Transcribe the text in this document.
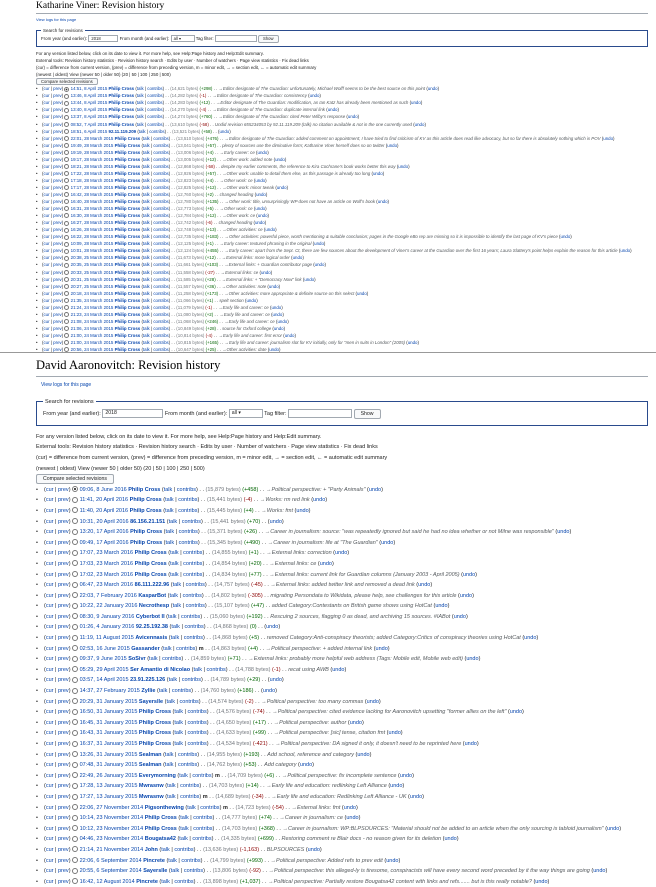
Katharine Viner: Revision history
View logs for this page
Search for revisions
From year (and earlier): 2018	From month (and earlier): all ▾	Tag filter:	Show
For any version listed below, click on its date to view it. For more help, see Help:Page history and Help:Edit summary.
External tools: Revision history statistics · Revision history search · Edits by user · Number of watchers · Page view statistics · Fix dead links
(cur) = difference from current version, (prev) = difference from preceding version, m = minor edit, → = section edit, ← = automatic edit summary
(newest | oldest) View (newer 50 | older 50) (20 | 50 | 100 | 250 | 500)
Compare selected revisions
• (cur | prev)  14:51, 8 April 2015 Philip Cross (talk | contribs) . . (14,621 bytes) (+298) . . →Editor designate of The Guardian: unfortunately, Michael Wolff seems to be the best source on this point (undo)
• (cur | prev)  13:46, 8 April 2015 Philip Cross (talk | contribs) . . (14,282 bytes) (-1) . . →Editor designate of The Guardian: consistency (undo)
• (cur | prev)  13:44, 8 April 2015 Philip Cross (talk | contribs) . . (14,283 bytes) (+12) . . →Editor designate of The Guardian: modification, as Ian Katz has already been mentioned as such (undo)
• (cur | prev)  13:40, 8 April 2015 Philip Cross (talk | contribs) . . (14,270 bytes) (-4) . . →Editor designate of The Guardian: duplicate internal link (undo)
• (cur | prev)  13:37, 8 April 2015 Philip Cross (talk | contribs) . . (14,274 bytes) (+760) . . →Editor designate of The Guardian: cited Peter Wilby's response (undo)
• (cur | prev)  08:52, 7 April 2015 Philip Cross (talk | contribs) . . (13,610 bytes) (-58) . . Undid revision 655234053 by 92.11.119.209 (talk) no citation available & not in the one currently used (undo)
• (cur | prev)  18:51, 6 April 2015 92.11.119.209 (talk | contribs) . . (13,521 bytes) (+58) . . (undo)
• (cur | prev)  22:01, 28 March 2015 Philip Cross (talk | contribs) . . (13,510 bytes) (+476) . . →Editor designate of The Guardian: added comment on appointment; I have tried to find criticism of KV as this article does read like advocacy, but so far there is absolutely nothing which is POV (undo)
• (cur | prev)  19:49, 28 March 2015 Philip Cross (talk | contribs) . . (13,041 bytes) (+57) . . plenty of sources use the diminutive form; Katharine Viner herself does so on twitter (undo)
• (cur | prev)  19:19, 28 March 2015 Philip Cross (talk | contribs) . . (13,006 bytes) (+4) . . →Early career: ce (undo)
• (cur | prev)  19:17, 28 March 2015 Philip Cross (talk | contribs) . . (13,005 bytes) (+12) . . →Other work: added note (undo)
• (cur | prev)  18:21, 28 March 2015 Philip Cross (talk | contribs) . . (12,868 bytes) (-58) . . despite my earlier comments, the reference to Kira Cochrane's book works better this way (undo)
• (cur | prev)  17:22, 28 March 2015 Philip Cross (talk | contribs) . . (12,926 bytes) (+57) . . →Other work: unable to detail them else, as this passage is already too long (undo)
• (cur | prev)  17:18, 28 March 2015 Philip Cross (talk | contribs) . . (12,823 bytes) (+4) . . →Other work: ce (undo)
• (cur | prev)  17:17, 28 March 2015 Philip Cross (talk | contribs) . . (12,825 bytes) (+12) . . →Other work: minor tweak (undo)
• (cur | prev)  16:42, 28 March 2015 Philip Cross (talk | contribs) . . (12,760 bytes) (+2) . . changed heading (undo)
• (cur | prev)  16:40, 28 March 2015 Philip Cross (talk | contribs) . . (12,780 bytes) (+135) . . →Other work: title, unsurprisingly WP does not have an article on Wolf's book (undo)
• (cur | prev)  16:31, 28 March 2015 Philip Cross (talk | contribs) . . (12,773 bytes) (+5) . . →Other work: ce (undo)
• (cur | prev)  16:30, 28 March 2015 Philip Cross (talk | contribs) . . (12,784 bytes) (+12) . . →Other work: ce (undo)
• (cur | prev)  16:27, 28 March 2015 Philip Cross (talk | contribs) . . (12,742 bytes) (-6) . . changed heading (undo)
• (cur | prev)  16:26, 28 March 2015 Philip Cross (talk | contribs) . . (12,748 bytes) (+13) . . →Other activities: ce (undo)
• (cur | prev)  16:22, 28 March 2015 Philip Cross (talk | contribs) . . (12,735 bytes) (+183) . . →Other activities: powerful piece, worth mentioning & suitable conclusion; pages in the Google eBo rep are missing so it is impossible to identify the last page of KV's piece (undo)
• (cur | prev)  10:09, 28 March 2015 Philip Cross (talk | contribs) . . (12,125 bytes) (+1) . . →Early career: textured phrasing in the original (undo)
• (cur | prev)  10:01, 28 March 2015 Philip Cross (talk | contribs) . . (12,124 bytes) (+455) . . →Early career: apart from the Sept. Ct, there are few sources about the development of Viner's career at the Guardian over the first 16 years; Laura Slattery's point helps explain the reason for this article (undo)
• (cur | prev)  20:38, 25 March 2015 Philip Cross (talk | contribs) . . (11,673 bytes) (+12) . . →External links: more logical order (undo)
• (cur | prev)  20:35, 25 March 2015 Philip Cross (talk | contribs) . . (11,661 bytes) (+103) . . →External links: + Guardian contributor page (undo)
• (cur | prev)  20:33, 25 March 2015 Philip Cross (talk | contribs) . . (11,558 bytes) (-27) . . →External links: ce (undo)
• (cur | prev)  20:31, 25 March 2015 Philip Cross (talk | contribs) . . (11,585 bytes) (+28) . . →External links: + "Democracy Now" link (undo)
• (cur | prev)  20:27, 25 March 2015 Philip Cross (talk | contribs) . . (11,557 bytes) (+36) . . →Other activities: note (undo)
• (cur | prev)  20:18, 24 March 2015 Philip Cross (talk | contribs) . . (11,258 bytes) (+173) . . →Other activities: more appropriate & definite source on this select (undo)
• (cur | prev)  21:35, 24 March 2015 Philip Cross (talk | contribs) . . (11,066 bytes) (+1) . . spelt section (undo)
• (cur | prev)  21:24, 24 March 2015 Philip Cross (talk | contribs) . . (11,079 bytes) (-1) . . →Early life and career: ce (undo)
• (cur | prev)  21:23, 24 March 2015 Philip Cross (talk | contribs) . . (11,080 bytes) (+2) . . →Early life and career: ce (undo)
• (cur | prev)  21:08, 24 March 2015 Philip Cross (talk | contribs) . . (11,068 bytes) (+246) . . →Early life and career: ce (undo)
• (cur | prev)  21:06, 24 March 2015 Philip Cross (talk | contribs) . . (10,849 bytes) (+28) . . source for Oxford college (undo)
• (cur | prev)  21:00, 24 March 2015 Philip Cross (talk | contribs) . . (10,814 bytes) (-4) . . →Early life and career: first error (undo)
• (cur | prev)  21:00, 24 March 2015 Philip Cross (talk | contribs) . . (10,815 bytes) (+165) . . →Early life and career: journalism slot for KV initially, only for "men in suits in London" (2005) (undo)
• (cur | prev)  20:56, 24 March 2015 Philip Cross (talk | contribs) . . (10,647 bytes) (+25) . . →Other activities: date (undo)
•
David Aaronovitch: Revision history
View logs for this page
Search for revisions
From year (and earlier): 2018	From month (and earlier): all ▾	Tag filter:	Show
For any version listed below, click on its date to view it. For more help, see Help:Page history and Help:Edit summary.
External tools: Revision history statistics · Revision history search · Edits by user · Number of watchers · Page view statistics · Fix dead links
(cur) = difference from current version, (prev) = difference from preceding version, m = minor edit, → = section edit, ← = automatic edit summary
(newest | oldest) View (newer 50 | older 50) (20 | 50 | 100 | 250 | 500)
Compare selected revisions
• (cur | prev)  09:06, 8 June 2016 Philip Cross (talk | contribs) . . (15,879 bytes) (+458) . . →Political perspective: + "Party Animals" (undo)
• (cur | prev)  11:41, 20 April 2016 Philip Cross (talk | contribs) . . (15,441 bytes) (-4) . . →Works: rm red link (undo)
• (cur | prev)  11:40, 20 April 2016 Philip Cross (talk | contribs) . . (15,445 bytes) (+4) . . →Works: fmt (undo)
• (cur | prev)  10:31, 20 April 2016 86.156.21.151 (talk | contribs) . . (15,441 bytes) (+70) . . (undo)
• (cur | prev)  13:20, 17 April 2016 Philip Cross (talk | contribs) . . (15,371 bytes) (+26) . . →Career in journalism: source: "was repeatedly ignored but said he had no idea whether or not Milne was responsible" (undo)
• (cur | prev)  09:49, 17 April 2016 Philip Cross (talk | contribs) . . (15,345 bytes) (+490) . . →Career in journalism: life at "The Guardian" (undo)
• (cur | prev)  17:07, 23 March 2016 Philip Cross (talk | contribs) . . (14,855 bytes) (+1) . . →External links: correction (undo)
• (cur | prev)  17:03, 23 March 2016 Philip Cross (talk | contribs) . . (14,854 bytes) (+20) . . →External links: ce (undo)
• (cur | prev)  17:02, 23 March 2016 Philip Cross (talk | contribs) . . (14,834 bytes) (+77) . . →External links: current link for Guardian columns (January 2003 - April 2005) (undo)
• (cur | prev)  06:47, 23 March 2016 86.111.222.96 (talk | contribs) . . (14,757 bytes) (-45) . . →External links: added twitter link and removed a dead link (undo)
• (cur | prev)  22:03, 7 February 2016 KasparBot (talk | contribs) . . (14,802 bytes) (-305) . . migrating Persondata to Wikidata, please help, see challenges for this article (undo)
• (cur | prev)  10:22, 22 January 2016 Necrothesp (talk | contribs) . . (15,107 bytes) (+47) . . added Category:Contestants on British game shows using HotCat (undo)
• (cur | prev)  08:30, 9 January 2016 Cyberbot II (talk | contribs) . . (15,060 bytes) (+192) . . Rescuing 2 sources, flagging 0 as dead, and archiving 15 sources. #IABot (undo)
• (cur | prev)  01:26, 4 January 2016 92.25.192.38 (talk | contribs) . . (14,868 bytes) (0) . . (undo)
• (cur | prev)  11:19, 11 August 2015 Avicennasis (talk | contribs) . . (14,868 bytes) (+5) . . removed Category:Anti-conspiracy theorists; added Category:Critics of conspiracy theories using HotCat (undo)
• (cur | prev)  02:53, 16 June 2015 Gassander (talk | contribs) m . . (14,863 bytes) (+4) . . →Political perspective: + added internal link (undo)
• (cur | prev)  09:37, 9 June 2015 SoSivr (talk | contribs) . . (14,859 bytes) (+71) . . →External links: probably more helpful web address (Tags: Mobile edit, Mobile web edit) (undo)
• (cur | prev)  05:29, 29 April 2015 Ser Amantio di Nicolao (talk | contribs) . . (14,788 bytes) (-1) . . recat using AWB (undo)
• (cur | prev)  03:57, 14 April 2015 23.91.225.126 (talk | contribs) . . (14,789 bytes) (+29) . . (undo)
• (cur | prev)  14:37, 27 February 2015 Zyllie (talk | contribs) . . (14,760 bytes) (+186) . . (undo)
• (cur | prev)  20:29, 31 January 2015 Sayerslle (talk | contribs) . . (14,574 bytes) (-2) . . →Political perspective: too many commas (undo)
• (cur | prev)  16:50, 31 January 2015 Philip Cross (talk | contribs) . . (14,576 bytes) (-74) . . →Political perspective: cited evidence lacking for Aaronovitch upsetting "former allies on the left" (undo)
• (cur | prev)  16:45, 31 January 2015 Philip Cross (talk | contribs) . . (14,650 bytes) (+17) . . →Political perspective: author (undo)
• (cur | prev)  16:43, 31 January 2015 Philip Cross (talk | contribs) . . (14,633 bytes) (+99) . . →Political perspective: [sic] tense, citation fmt (undo)
• (cur | prev)  16:37, 31 January 2015 Philip Cross (talk | contribs) . . (14,534 bytes) (-421) . . →Political perspective: DA signed it only, it doesn't need to be reprinted here (undo)
• (cur | prev)  13:26, 31 January 2015 Sealman (talk | contribs) . . (14,955 bytes) (+193) . . Add school, reference and category (undo)
• (cur | prev)  07:48, 31 January 2015 Sealman (talk | contribs) . . (14,762 bytes) (+53) . . Add category (undo)
• (cur | prev)  22:49, 26 January 2015 Everymorning (talk | contribs) m . . (14,709 bytes) (+6) . . →Political perspective: fix incomplete sentence (undo)
• (cur | prev)  17:28, 13 January 2015 Mwrasnw (talk | contribs) . . (14,703 bytes) (+14) . . →Early life and education: redlinking Left Alliance (undo)
• (cur | prev)  17:27, 13 January 2015 Mwrasnw (talk | contribs) m . . (14,689 bytes) (-34) . . →Early life and education: Redlinking Left Alliance - UK (undo)
• (cur | prev)  22:06, 27 November 2014 Pigsonthewing (talk | contribs) m . . (14,723 bytes) (-54) . . →External links: fmt (undo)
• (cur | prev)  10:14, 23 November 2014 Philip Cross (talk | contribs) . . (14,777 bytes) (+74) . . →Career in journalism: ce (undo)
• (cur | prev)  10:12, 23 November 2014 Philip Cross (talk | contribs) . . (14,703 bytes) (+368) . . →Career in journalism: WP:BLPSOURCES: "Material should not be added to an article when the only sourcing is tabloid journalism" (undo)
• (cur | prev)  04:46, 23 November 2014 Bougatsa42 (talk | contribs) . . (14,335 bytes) (+699) . . Restoring comment re Blair docs - no reason given for its deletion (undo)
• (cur | prev)  21:14, 21 November 2014 John (talk | contribs) . . (13,636 bytes) (-1,163) . . BLPSOURCES (undo)
• (cur | prev)  22:06, 6 September 2014 Pincrete (talk | contribs) . . (14,799 bytes) (+993) . . →Political perspective: Added refs to prev edit (undo)
• (cur | prev)  20:55, 6 September 2014 Sayerslle (talk | contribs) . . (13,806 bytes) (-92) . . →Political perspective: this alleged-ly is tiresome, conspiracists will have every second word preceded by it the way things are going (undo)
• (cur | prev)  16:42, 12 August 2014 Pincrete (talk | contribs) . . (13,898 bytes) (+1,037) . . →Political perspective: Partially restore Bougatsa42 content with links and refs....... but is this really notable? (undo)
